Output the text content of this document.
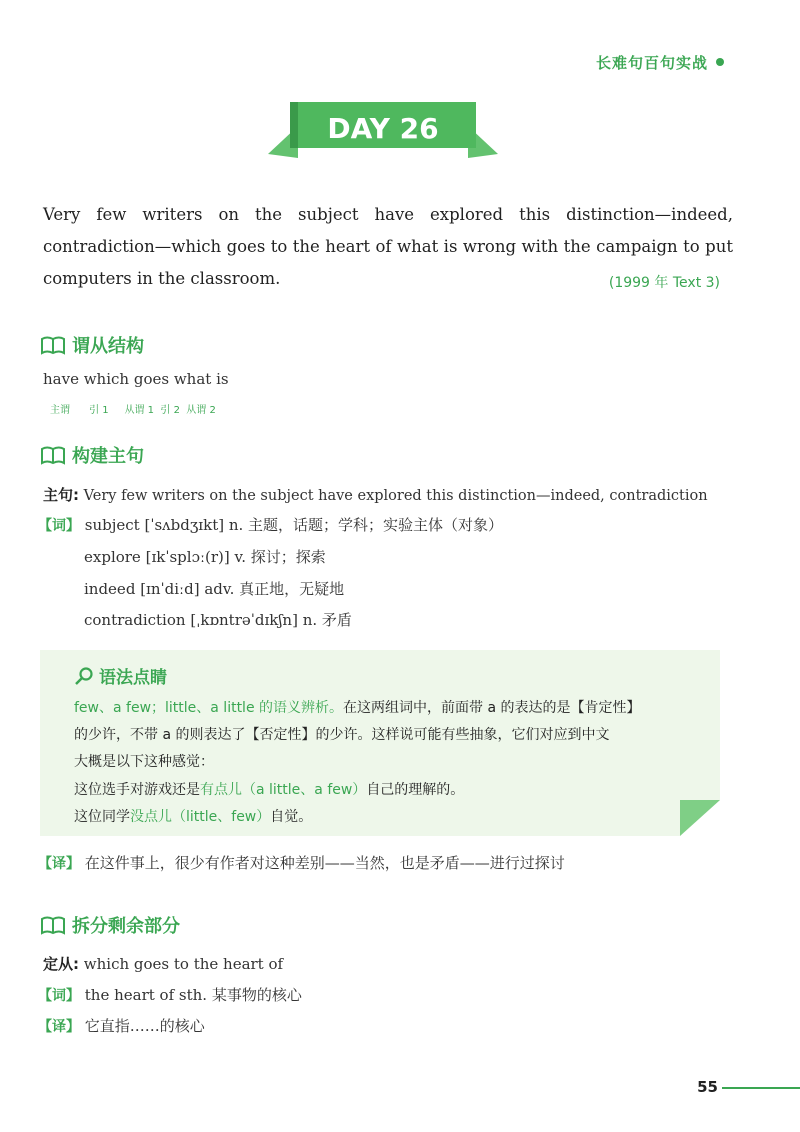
长难句百句实战
DAY 26
Very few writers on the subject have explored this distinction—indeed, contradiction—which goes to the heart of what is wrong with the campaign to put computers in the classroom.	(1999 年 Text 3)
谓从结构
have which goes what is
主谓      引 1     从谓 1  引 2  从谓 2
构建主句
主句: Very few writers on the subject have explored this distinction—indeed, contradiction
【词】 subject [ˈsʌbdʒɪkt] n. 主题，话题；学科；实验主体（对象）
explore [ɪkˈsplɔː(r)] v. 探讨；探索
indeed [ɪnˈdiːd] adv. 真正地，无疑地
contradiction [ˌkɒntrəˈdɪkʃn] n. 矛盾
语法点睛
few、a few；little、a little 的语义辨析。在这两组词中，前面带 a 的表达的是【肯定性】
的少许，不带 a 的则表达了【否定性】的少许。这样说可能有些抽象，它们对应到中文
大概是以下这种感觉：
这位选手对游戏还是有点儿（a little、a few）自己的理解的。
这位同学没点儿（little、few）自觉。
【译】 在这件事上，很少有作者对这种差别——当然，也是矛盾——进行过探讨
拆分剩余部分
定从: which goes to the heart of
【词】 the heart of sth. 某事物的核心
【译】 它直指……的核心
55
